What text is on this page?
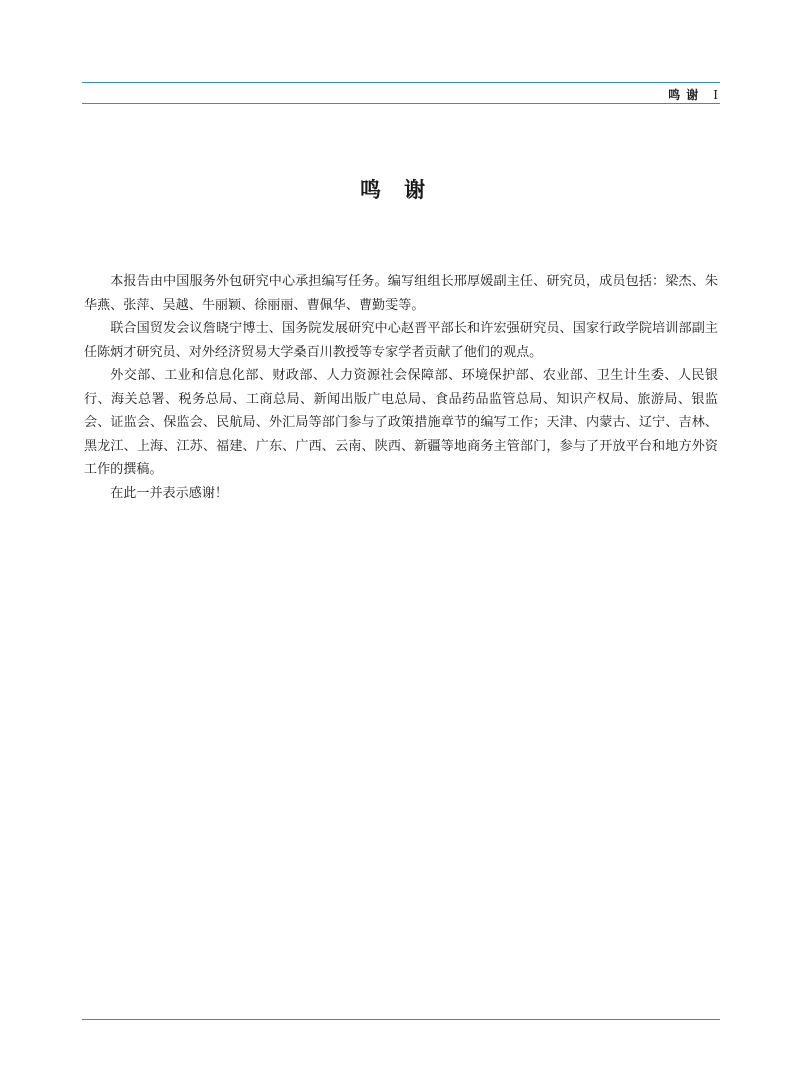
鸣 谢 I
鸣 谢

本报告由中国服务外包研究中心承担编写任务。编写组组长邢厚媛副主任、研究员，成员包括：梁杰、朱华燕、张萍、吴越、牛丽颖、徐丽丽、曹佩华、曹勤雯等。

联合国贸发会议詹晓宁博士、国务院发展研究中心赵晋平部长和许宏强研究员、国家行政学院培训部副主任陈炳才研究员、对外经济贸易大学桑百川教授等专家学者贡献了他们的观点。

外交部、工业和信息化部、财政部、人力资源社会保障部、环境保护部、农业部、卫生计生委、人民银行、海关总署、税务总局、工商总局、新闻出版广电总局、食品药品监管总局、知识产权局、旅游局、银监会、证监会、保监会、民航局、外汇局等部门参与了政策措施章节的编写工作；天津、内蒙古、辽宁、吉林、黑龙江、上海、江苏、福建、广东、广西、云南、陕西、新疆等地商务主管部门，参与了开放平台和地方外资工作的撰稿。

在此一并表示感谢！
